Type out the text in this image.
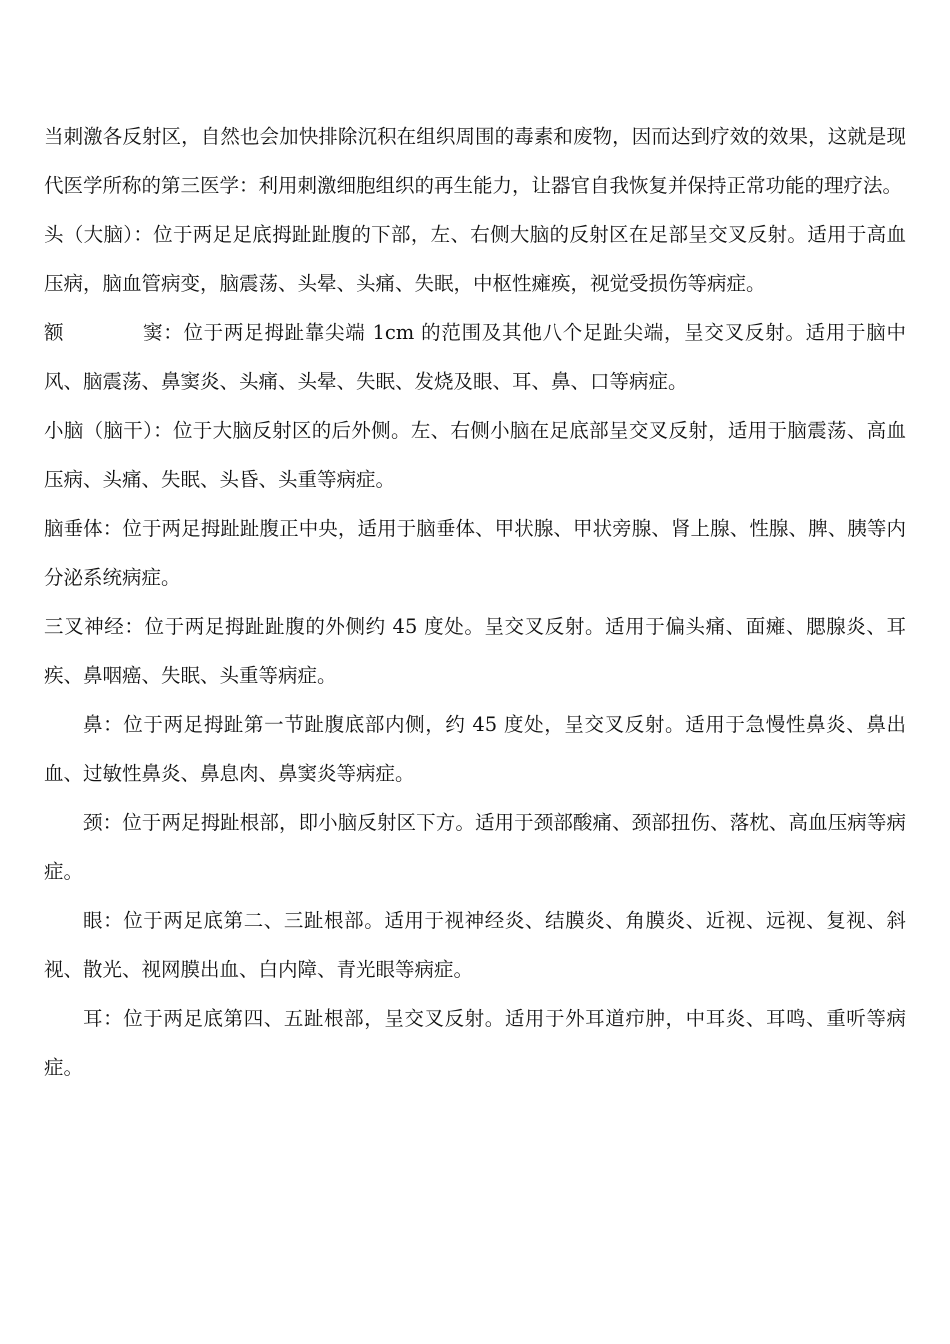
当刺激各反射区，自然也会加快排除沉积在组织周围的毒素和废物，因而达到疗效的效果，这就是现代医学所称的第三医学：利用刺激细胞组织的再生能力，让器官自我恢复并保持正常功能的理疗法。

头（大脑）：位于两足足底拇趾趾腹的下部，左、右侧大脑的反射区在足部呈交叉反射。适用于高血压病，脑血管病变，脑震荡、头晕、头痛、失眠，中枢性瘫痪，视觉受损伤等病症。

额	窦：位于两足拇趾靠尖端 1cm 的范围及其他八个足趾尖端，呈交叉反射。适用于脑中风、脑震荡、鼻窦炎、头痛、头晕、失眠、发烧及眼、耳、鼻、口等病症。

小脑（脑干）：位于大脑反射区的后外侧。左、右侧小脑在足底部呈交叉反射，适用于脑震荡、高血压病、头痛、失眠、头昏、头重等病症。

脑垂体：位于两足拇趾趾腹正中央，适用于脑垂体、甲状腺、甲状旁腺、肾上腺、性腺、脾、胰等内分泌系统病症。

三叉神经：位于两足拇趾趾腹的外侧约 45 度处。呈交叉反射。适用于偏头痛、面瘫、腮腺炎、耳疾、鼻咽癌、失眠、头重等病症。

鼻：位于两足拇趾第一节趾腹底部内侧，约 45 度处，呈交叉反射。适用于急慢性鼻炎、鼻出血、过敏性鼻炎、鼻息肉、鼻窦炎等病症。

颈：位于两足拇趾根部，即小脑反射区下方。适用于颈部酸痛、颈部扭伤、落枕、高血压病等病症。

眼：位于两足底第二、三趾根部。适用于视神经炎、结膜炎、角膜炎、近视、远视、复视、斜视、散光、视网膜出血、白内障、青光眼等病症。

耳：位于两足底第四、五趾根部，呈交叉反射。适用于外耳道疖肿，中耳炎、耳鸣、重听等病症。
